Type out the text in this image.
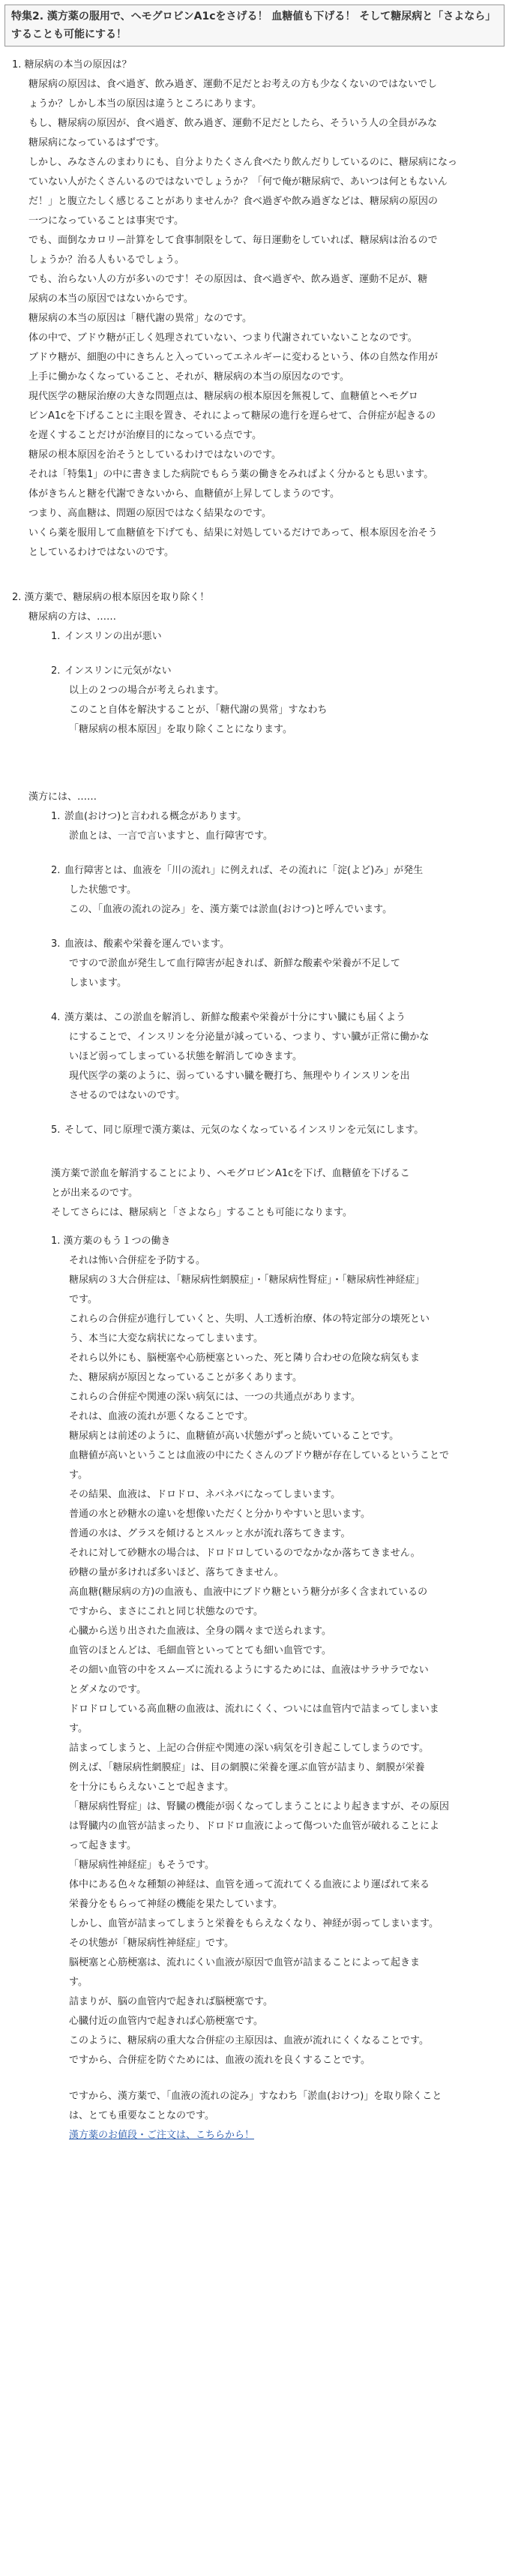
特集2. 漢方薬の服用で、ヘモグロビンA1cをさげる！ 血糖値も下げる！ そして糖尿病と「さよなら」することも可能にする！

1. 糖尿病の本当の原因は？

糖尿病の原因は、食べ過ぎ、飲み過ぎ、運動不足だとお考えの方も少なくないのではないでし

ょうか？しかし本当の原因は違うところにあります。

もし、糖尿病の原因が、食べ過ぎ、飲み過ぎ、運動不足だとしたら、そういう人の全員がみな

糖尿病になっているはずです。

しかし、みなさんのまわりにも、自分よりたくさん食べたり飲んだりしているのに、糖尿病になっ

ていない人がたくさんいるのではないでしょうか？「何で俺が糖尿病で、あいつは何ともないん

だ！」と腹立たしく感じることがありませんか？食べ過ぎや飲み過ぎなどは、糖尿病の原因の

一つになっていることは事実です。

でも、面倒なカロリー計算をして食事制限をして、毎日運動をしていれば、糖尿病は治るので

しょうか？治る人もいるでしょう。

でも、治らない人の方が多いのです！その原因は、食べ過ぎや、飲み過ぎ、運動不足が、糖

尿病の本当の原因ではないからです。

糖尿病の本当の原因は「糖代謝の異常」なのです。

体の中で、ブドウ糖が正しく処理されていない、つまり代謝されていないことなのです。

ブドウ糖が、細胞の中にきちんと入っていってエネルギーに変わるという、体の自然な作用が

上手に働かなくなっていること、それが、糖尿病の本当の原因なのです。

現代医学の糖尿治療の大きな問題点は、糖尿病の根本原因を無視して、血糖値とヘモグロ

ビンA1cを下げることに主眼を置き、それによって糖尿の進行を遅らせて、合併症が起きるの

を遅くすることだけが治療目的になっている点です。

糖尿の根本原因を治そうとしているわけではないのです。

それは「特集1」の中に書きました病院でもらう薬の働きをみればよく分かるとも思います。

体がきちんと糖を代謝できないから、血糖値が上昇してしまうのです。

つまり、高血糖は、問題の原因ではなく結果なのです。

いくら薬を服用して血糖値を下げても、結果に対処しているだけであって、根本原因を治そう

としているわけではないのです。

2. 漢方薬で、糖尿病の根本原因を取り除く！

糖尿病の方は、……

1. インスリンの出が悪い

2. インスリンに元気がない

以上の２つの場合が考えられます。

このこと自体を解決することが、「糖代謝の異常」すなわち

「糖尿病の根本原因」を取り除くことになります。

漢方には、……

1. 淤血(おけつ)と言われる概念があります。

淤血とは、一言で言いますと、血行障害です。

2. 血行障害とは、血液を「川の流れ」に例えれば、その流れに「淀(よど)み」が発生

した状態です。

この、「血液の流れの淀み」を、漢方薬では淤血(おけつ)と呼んでいます。

3. 血液は、酸素や栄養を運んでいます。

ですので淤血が発生して血行障害が起きれば、新鮮な酸素や栄養が不足して

しまいます。

4. 漢方薬は、この淤血を解消し、新鮮な酸素や栄養が十分にすい臓にも届くよう

にすることで、インスリンを分泌量が減っている、つまり、すい臓が正常に働かな

いほど弱ってしまっている状態を解消してゆきます。

現代医学の薬のように、弱っているすい臓を鞭打ち、無理やりインスリンを出

させるのではないのです。

5. そして、同じ原理で漢方薬は、元気のなくなっているインスリンを元気にします。

漢方薬で淤血を解消することにより、ヘモグロビンA1cを下げ、血糖値を下げるこ

とが出来るのです。

そしてさらには、糖尿病と「さよなら」することも可能になります。

1. 漢方薬のもう１つの働き

それは怖い合併症を予防する。

糖尿病の３大合併症は、「糖尿病性網膜症」・「糖尿病性腎症」・「糖尿病性神経症」

です。

これらの合併症が進行していくと、失明、人工透析治療、体の特定部分の壊死とい

う、本当に大変な病状になってしまいます。

それら以外にも、脳梗塞や心筋梗塞といった、死と隣り合わせの危険な病気もま

た、糖尿病が原因となっていることが多くあります。

これらの合併症や関連の深い病気には、一つの共通点があります。

それは、血液の流れが悪くなることです。

糖尿病とは前述のように、血糖値が高い状態がずっと続いていることです。

血糖値が高いということは血液の中にたくさんのブドウ糖が存在しているということで

す。

その結果、血液は、ドロドロ、ネバネバになってしまいます。

普通の水と砂糖水の違いを想像いただくと分かりやすいと思います。

普通の水は、グラスを傾けるとスルッと水が流れ落ちてきます。

それに対して砂糖水の場合は、ドロドロしているのでなかなか落ちてきません。

砂糖の量が多ければ多いほど、落ちてきません。

高血糖(糖尿病の方)の血液も、血液中にブドウ糖という糖分が多く含まれているの

ですから、まさにこれと同じ状態なのです。

心臓から送り出された血液は、全身の隅々まで送られます。

血管のほとんどは、毛細血管といってとても細い血管です。

その細い血管の中をスムーズに流れるようにするためには、血液はサラサラでない

とダメなのです。

ドロドロしている高血糖の血液は、流れにくく、ついには血管内で詰まってしまいま

す。

詰まってしまうと、上記の合併症や関連の深い病気を引き起こしてしまうのです。

例えば、「糖尿病性網膜症」は、目の網膜に栄養を運ぶ血管が詰まり、網膜が栄養

を十分にもらえないことで起きます。

「糖尿病性腎症」は、腎臓の機能が弱くなってしまうことにより起きますが、その原因

は腎臓内の血管が詰まったり、ドロドロ血液によって傷ついた血管が破れることによ

って起きます。

「糖尿病性神経症」もそうです。

体中にある色々な種類の神経は、血管を通って流れてくる血液により運ばれて来る

栄養分をもらって神経の機能を果たしています。

しかし、血管が詰まってしまうと栄養をもらえなくなり、神経が弱ってしまいます。

その状態が「糖尿病性神経症」です。

脳梗塞と心筋梗塞は、流れにくい血液が原因で血管が詰まることによって起きま

す。

詰まりが、脳の血管内で起きれば脳梗塞です。

心臓付近の血管内で起きれば心筋梗塞です。

このように、糖尿病の重大な合併症の主原因は、血液が流れにくくなることです。

ですから、合併症を防ぐためには、血液の流れを良くすることです。

ですから、漢方薬で、「血液の流れの淀み」すなわち「淤血(おけつ)」を取り除くこと

は、とても重要なことなのです。

漢方薬のお値段・ご注文は、こちらから！
